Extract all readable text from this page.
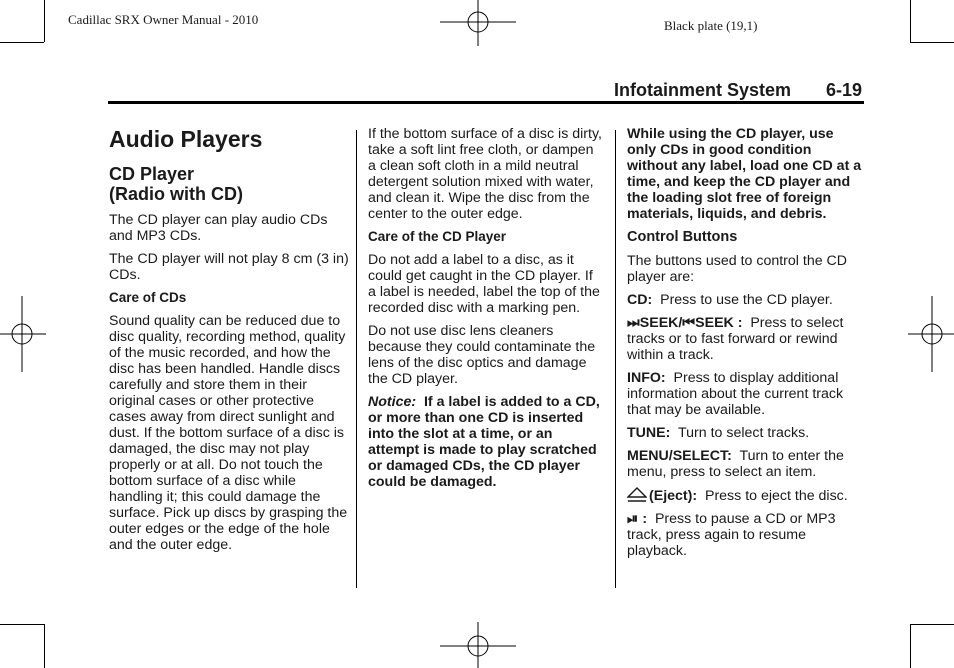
Cadillac SRX Owner Manual - 2010	Black plate (19,1)
Infotainment System 6-19
Audio Players
CD Player
(Radio with CD)

The CD player can play audio CDs and MP3 CDs.

The CD player will not play 8 cm (3 in) CDs.

Care of CDs

Sound quality can be reduced due to disc quality, recording method, quality of the music recorded, and how the disc has been handled. Handle discs carefully and store them in their original cases or other protective cases away from direct sunlight and dust. If the bottom surface of a disc is damaged, the disc may not play properly or at all. Do not touch the bottom surface of a disc while handling it; this could damage the surface. Pick up discs by grasping the outer edges or the edge of the hole and the outer edge.

If the bottom surface of a disc is dirty, take a soft lint free cloth, or dampen a clean soft cloth in a mild neutral detergent solution mixed with water, and clean it. Wipe the disc from the center to the outer edge.

Care of the CD Player

Do not add a label to a disc, as it could get caught in the CD player. If a label is needed, label the top of the recorded disc with a marking pen.

Do not use disc lens cleaners because they could contaminate the lens of the disc optics and damage the CD player.

Notice: If a label is added to a CD, or more than one CD is inserted into the slot at a time, or an attempt is made to play scratched or damaged CDs, the CD player could be damaged.

While using the CD player, use only CDs in good condition without any label, load one CD at a time, and keep the CD player and the loading slot free of foreign materials, liquids, and debris.

Control Buttons

The buttons used to control the CD player are:

CD: Press to use the CD player.

⏭SEEK/⏮SEEK : Press to select tracks or to fast forward or rewind within a track.

INFO: Press to display additional information about the current track that may be available.

TUNE: Turn to select tracks.

MENU/SELECT: Turn to enter the menu, press to select an item.

(Eject): Press to eject the disc.

⏯ : Press to pause a CD or MP3 track, press again to resume playback.
